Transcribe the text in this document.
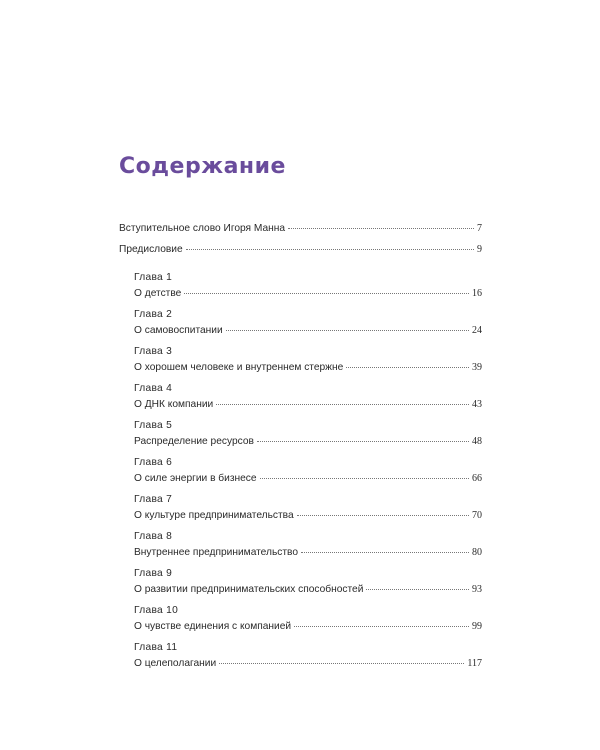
Содержание
Вступительное слово Игоря Манна	7
Предисловие	9
Глава 1
О детстве	16
Глава 2
О самовоспитании	24
Глава 3
О хорошем человеке и внутреннем стержне	39
Глава 4
О ДНК компании	43
Глава 5
Распределение ресурсов	48
Глава 6
О силе энергии в бизнесе	66
Глава 7
О культуре предпринимательства	70
Глава 8
Внутреннее предпринимательство	80
Глава 9
О развитии предпринимательских способностей	93
Глава 10
О чувстве единения с компанией	99
Глава 11
О целеполагании	117
